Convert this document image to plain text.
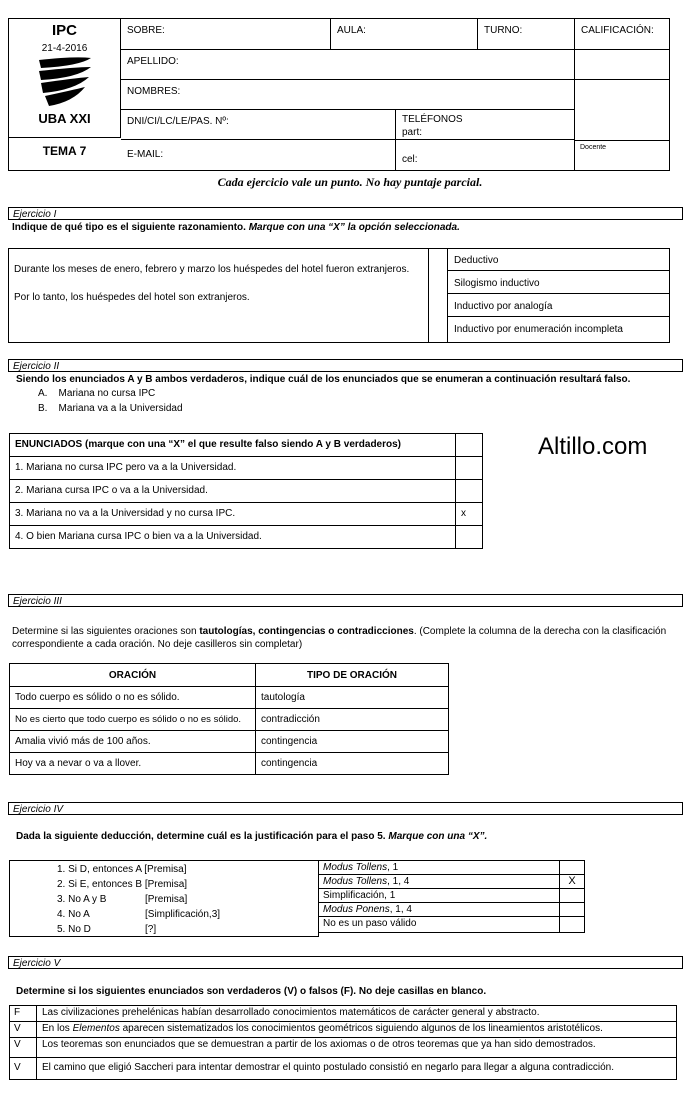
IPC
21-4-2016
UBA XXI
TEMA 7
SOBRE:	AULA:	TURNO:	CALIFICACIÓN:
APELLIDO:
NOMBRES:
DNI/CI/LC/LE/PAS. Nº:	TELÉFONOS
part:
Docente
E-MAIL:	cel:
Cada ejercicio vale un punto. No hay puntaje parcial.
Ejercicio I
Indique de qué tipo es el siguiente razonamiento. Marque con una “X” la opción seleccionada.
Durante los meses de enero, febrero y marzo los huéspedes del hotel fueron extranjeros.
Por lo tanto, los huéspedes del hotel son extranjeros.
Deductivo
Silogismo inductivo
Inductivo por analogía
Inductivo por enumeración incompleta
Ejercicio II
Siendo los enunciados A y B ambos verdaderos, indique cuál de los enunciados que se enumeran a continuación resultará falso.
A.    Mariana no cursa IPC
B.    Mariana va a la Universidad
ENUNCIADOS (marque con una “X” el que resulte falso siendo A y B verdaderos)	
1. Mariana no cursa IPC pero va a la Universidad.	
2. Mariana cursa IPC o va a la Universidad.	
3. Mariana no va a la Universidad y no cursa IPC.	x
4. O bien Mariana cursa IPC o bien va a la Universidad.	
Altillo.com
Ejercicio III
Determine si las siguientes oraciones son tautologías, contingencias o contradicciones. (Complete la columna de la derecha con la clasificación correspondiente a cada oración. No deje casilleros sin completar)
ORACIÓN	TIPO DE ORACIÓN
Todo cuerpo es sólido o no es sólido.	tautología
No es cierto que todo cuerpo es sólido o no es sólido.	contradicción
Amalia vivió más de 100 años.	contingencia
Hoy va a nevar o va a llover.	contingencia
Ejercicio IV
Dada la siguiente deducción, determine cuál es la justificación para el paso 5. Marque con una “X”.
1. Si D, entonces A [Premisa]
2. Si E, entonces B [Premisa]
3. No A y B	[Premisa]
4. No A	[Simplificación,3]
5. No D	[?]
Modus Tollens, 1	
Modus Tollens, 1, 4	X
Simplificación, 1	
Modus Ponens, 1, 4	
No es un paso válido	
Ejercicio V
Determine si los siguientes enunciados son verdaderos (V) o falsos (F). No deje casillas en blanco.
F	Las civilizaciones prehelénicas habían desarrollado conocimientos matemáticos de carácter general y abstracto.
V	En los Elementos aparecen sistematizados los conocimientos geométricos siguiendo algunos de los lineamientos aristotélicos.
V	Los teoremas son enunciados que se demuestran a partir de los axiomas o de otros teoremas que ya han sido demostrados.
V	El camino que eligió Saccheri para intentar demostrar el quinto postulado consistió en negarlo para llegar a alguna contradicción.
